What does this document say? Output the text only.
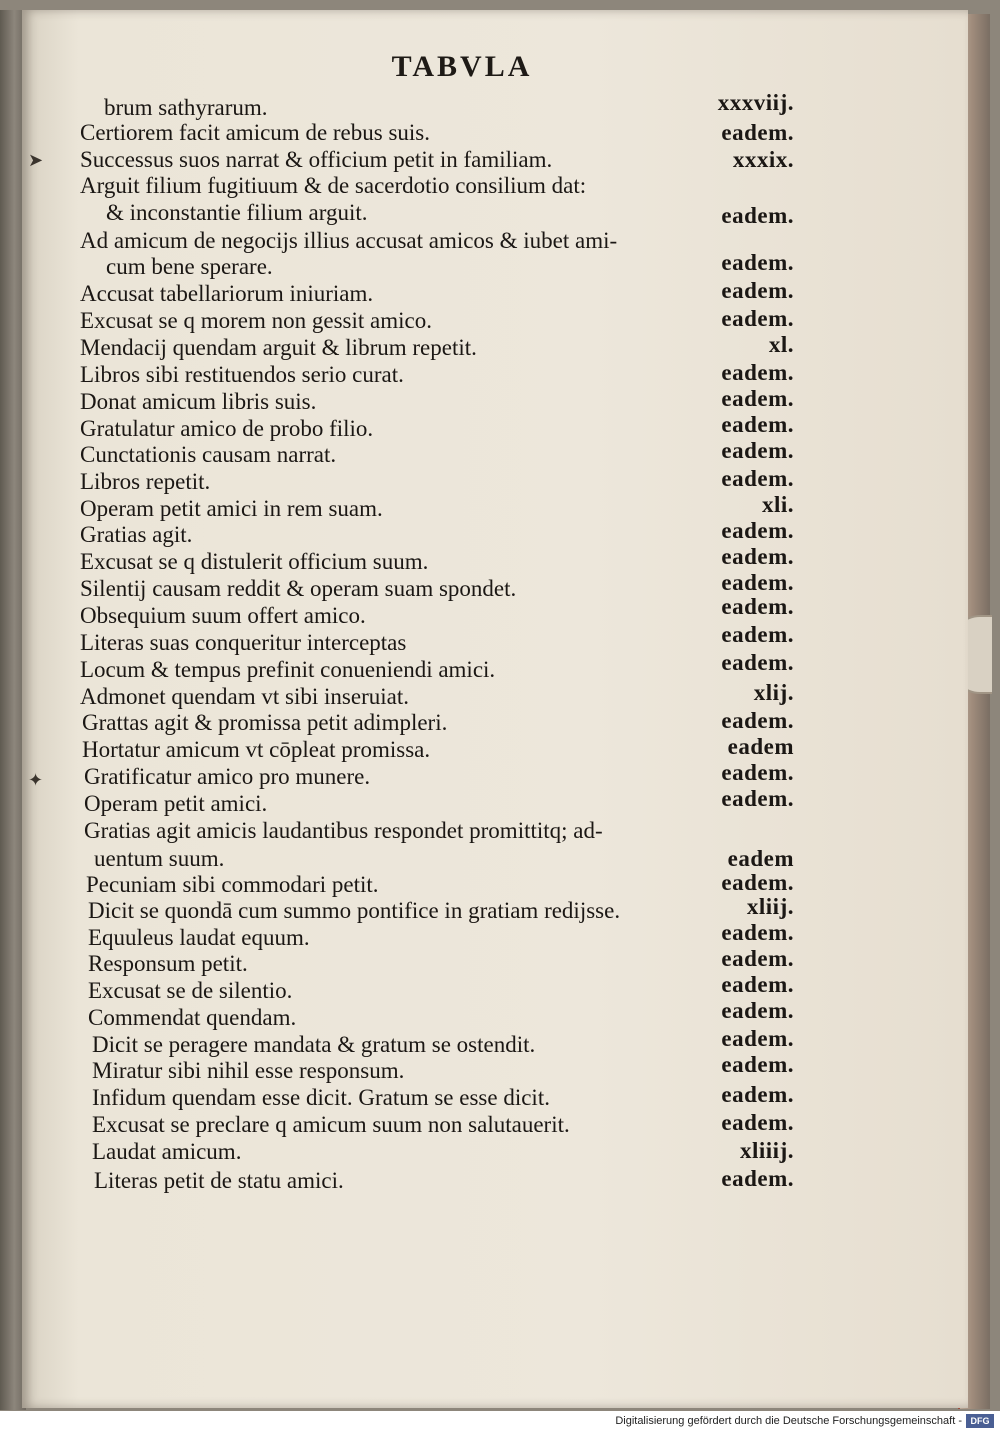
TABVLA
brum sathyrarum.	xxxviij.
Certiorem facit amicum de rebus suis.	eadem.
Successus suos narrat & officium petit in familiam.	xxxix.
Arguit filium fugitiuum & de sacerdotio consilium dat:
& inconstantie filium arguit.	eadem.
Ad amicum de negocijs illius accusat amicos & iubet ami-
cum bene sperare.	eadem.
Accusat tabellariorum iniuriam.	eadem.
Excusat se q morem non gessit amico.	eadem.
Mendacij quendam arguit & librum repetit.	xl.
Libros sibi restituendos serio curat.	eadem.
Donat amicum libris suis.	eadem.
Gratulatur amico de probo filio.	eadem.
Cunctationis causam narrat.	eadem.
Libros repetit.	eadem.
Operam petit amici in rem suam.	xli.
Gratias agit.	eadem.
Excusat se q distulerit officium suum.	eadem.
Silentij causam reddit & operam suam spondet.	eadem.
Obsequium suum offert amico.	eadem.
Literas suas conqueritur interceptas	eadem.
Locum & tempus prefinit conueniendi amici.	eadem.
Admonet quendam vt sibi inseruiat.	xlij.
Grattas agit & promissa petit adimpleri.	eadem.
Hortatur amicum vt cōpleat promissa.	eadem
Gratificatur amico pro munere.	eadem.
Operam petit amici.	eadem.
Gratias agit amicis laudantibus respondet promittitq; ad-
uentum suum.	eadem
Pecuniam sibi commodari petit.	eadem.
Dicit se quondā cum summo pontifice in gratiam redijsse.	xliij.
Equuleus laudat equum.	eadem.
Responsum petit.	eadem.
Excusat se de silentio.	eadem.
Commendat quendam.	eadem.
Dicit se peragere mandata & gratum se ostendit.	eadem.
Miratur sibi nihil esse responsum.	eadem.
Infidum quendam esse dicit. Gratum se esse dicit.	eadem.
Excusat se preclare q amicum suum non salutauerit.	eadem.
Laudat amicum.	xliiij.
Literas petit de statu amici.	eadem.
➤
✦
Digitalisierung gefördert durch die Deutsche Forschungsgemeinschaft - DFG
